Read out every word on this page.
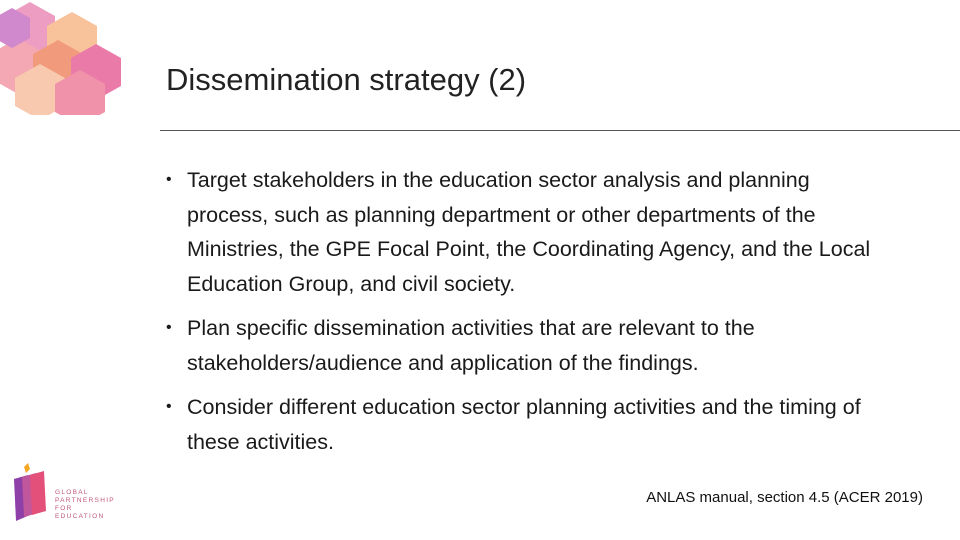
Dissemination strategy (2)
• Target stakeholders in the education sector analysis and planning process, such as planning department or other departments of the Ministries, the GPE Focal Point, the Coordinating Agency, and the Local Education Group, and civil society.
• Plan specific dissemination activities that are relevant to the stakeholders/audience and application of the findings.
• Consider different education sector planning activities and the timing of these activities.
ANLAS manual, section 4.5 (ACER 2019)
GLOBAL
PARTNERSHIP
FOR EDUCATION
